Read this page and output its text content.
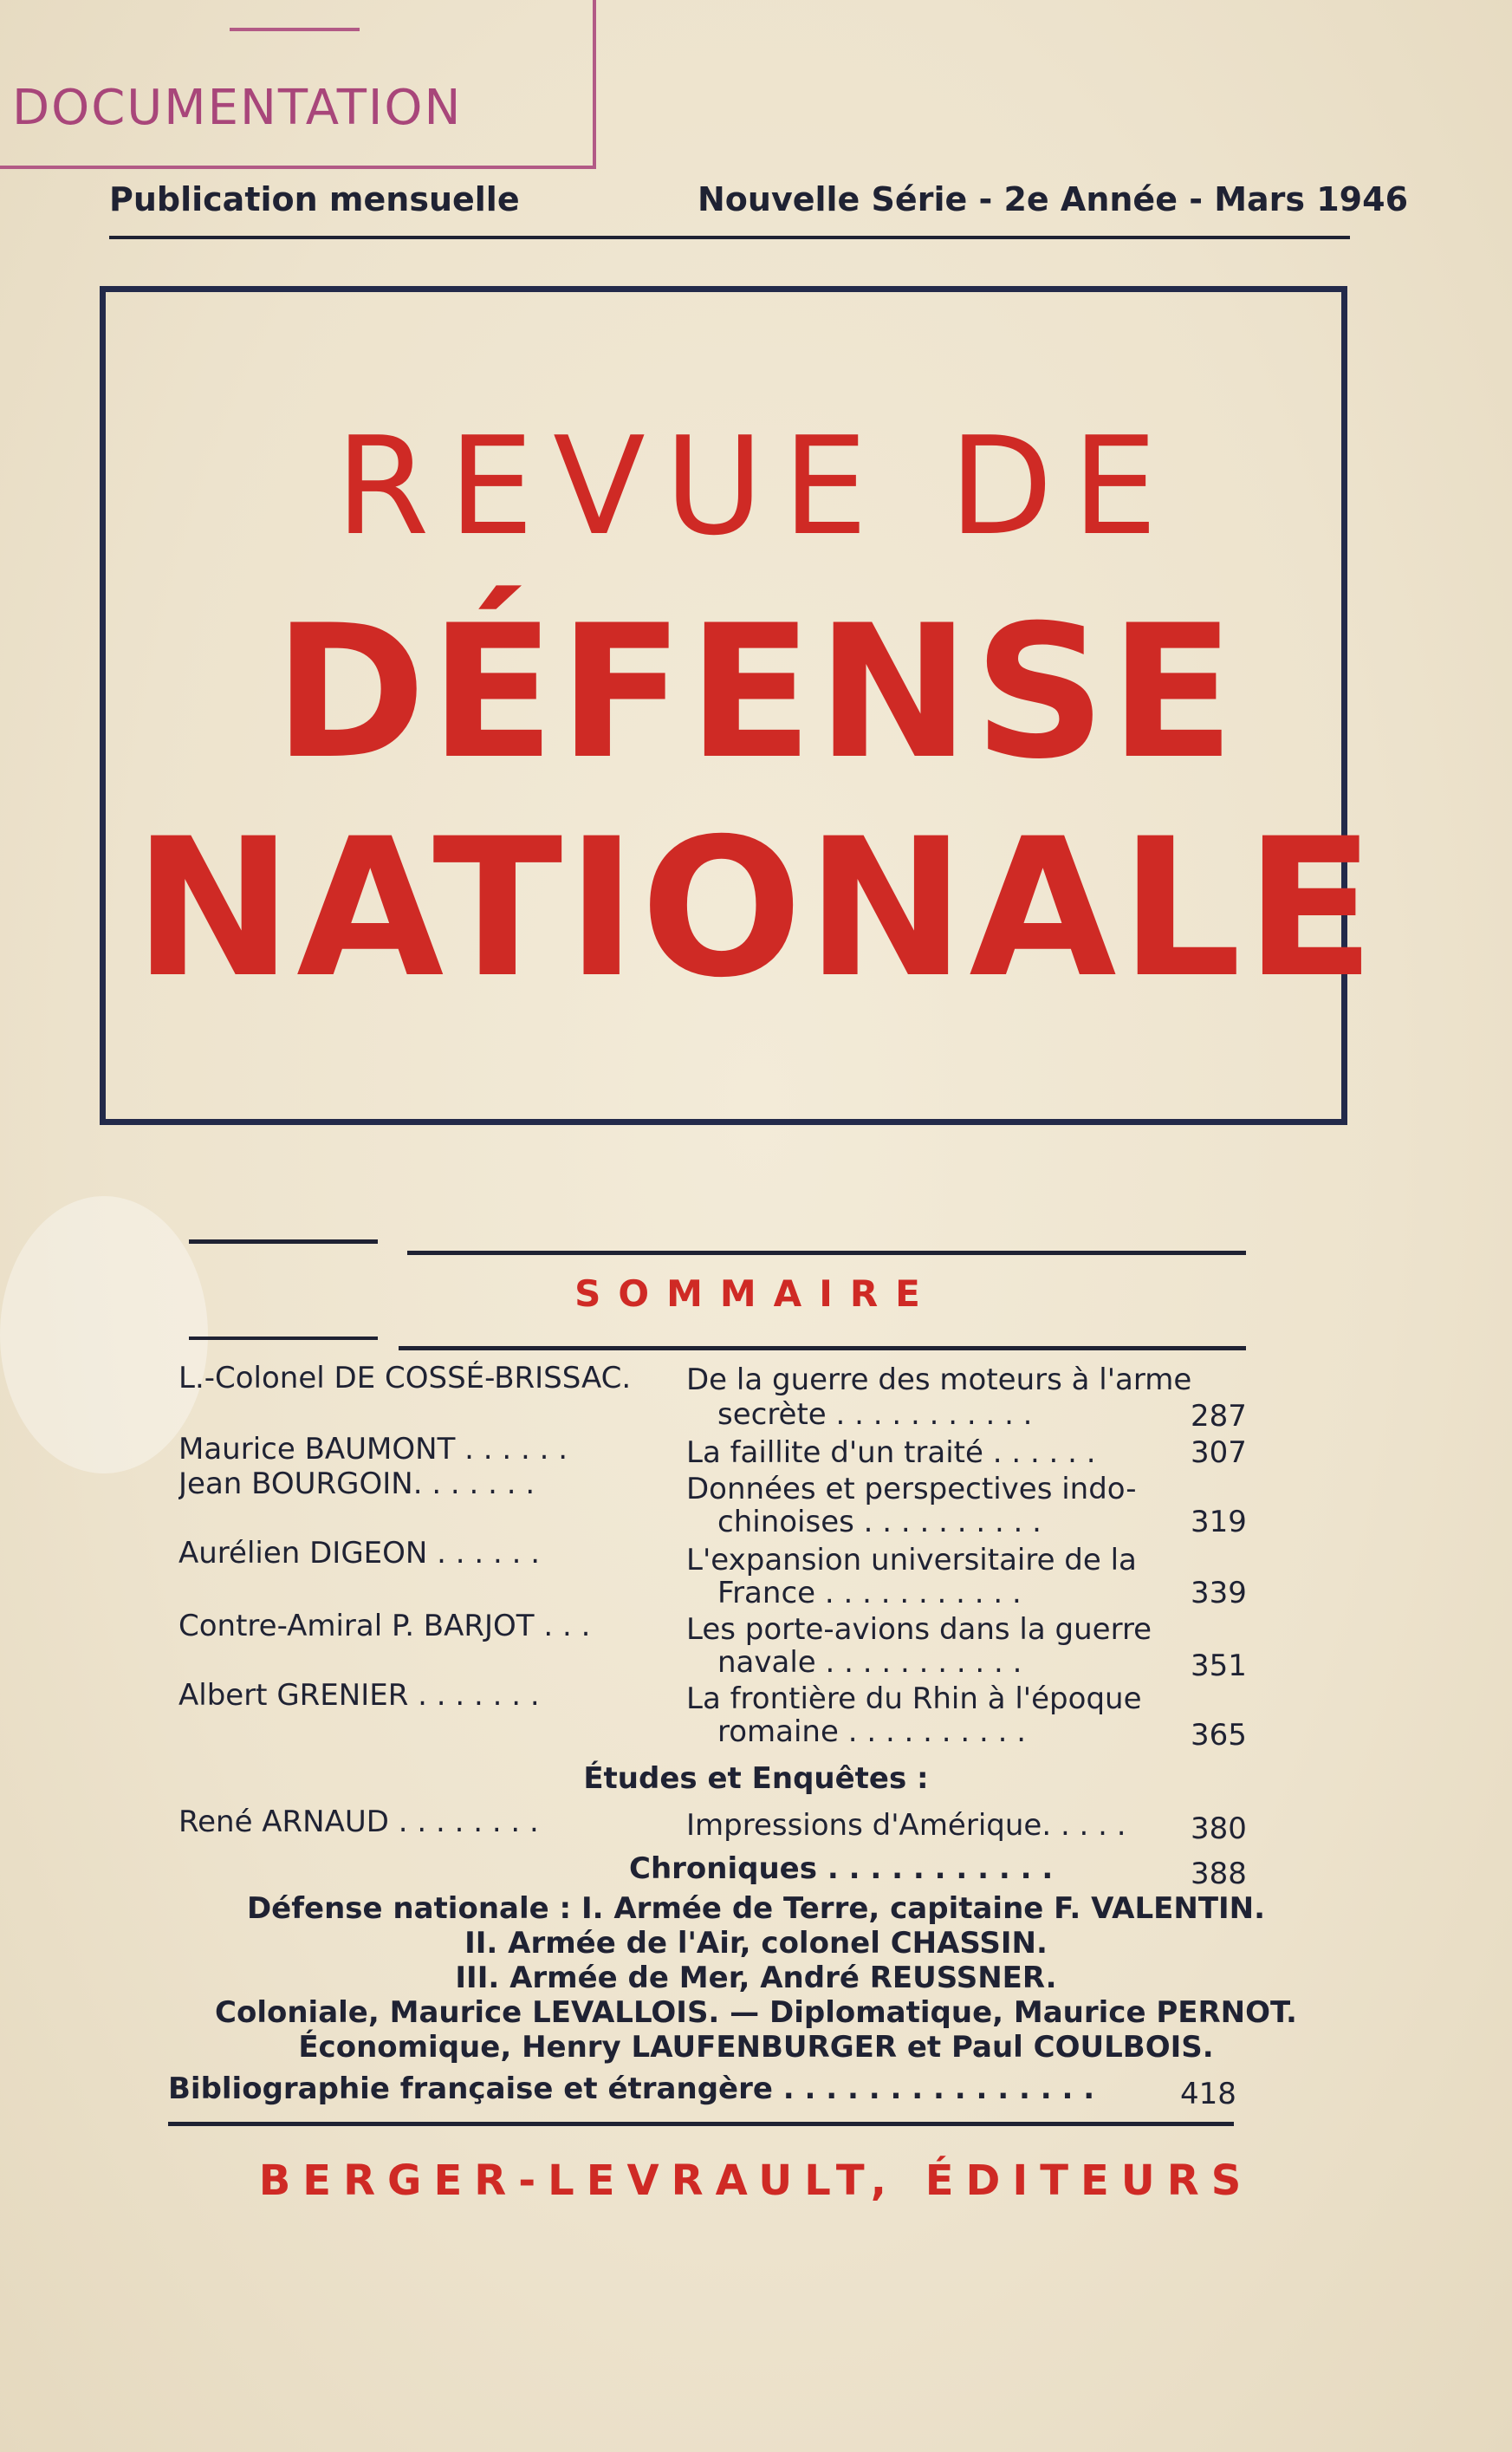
DOCUMENTATION
Publication mensuelle	Nouvelle Série - 2e Année - Mars 1946
REVUE DE
DÉFENSE
NATIONALE
SOMMAIRE
L.-Colonel DE COSSÉ-BRISSAC.	De la guerre des moteurs à l'arme
secrète . . . . . . . . . . .	287
Maurice BAUMONT . . . . . .	La faillite d'un traité . . . . . .	307
Jean BOURGOIN. . . . . . .	Données et perspectives indo-
chinoises . . . . . . . . . .	319
Aurélien DIGEON . . . . . .	L'expansion universitaire de la
France . . . . . . . . . . .	339
Contre-Amiral P. BARJOT . . .	Les porte-avions dans la guerre
navale . . . . . . . . . . .	351
Albert GRENIER . . . . . . .	La frontière du Rhin à l'époque
romaine . . . . . . . . . .	365
Études et Enquêtes :
René ARNAUD . . . . . . . .	Impressions d'Amérique. . . . .	380
Chroniques . . . . . . . . . . .	388
Défense nationale : I. Armée de Terre, capitaine F. VALENTIN.
II. Armée de l'Air, colonel CHASSIN.
III. Armée de Mer, André REUSSNER.
Coloniale, Maurice LEVALLOIS. — Diplomatique, Maurice PERNOT.
Économique, Henry LAUFENBURGER et Paul COULBOIS.
Bibliographie française et étrangère . . . . . . . . . . . . . . .	418
BERGER-LEVRAULT, ÉDITEURS
